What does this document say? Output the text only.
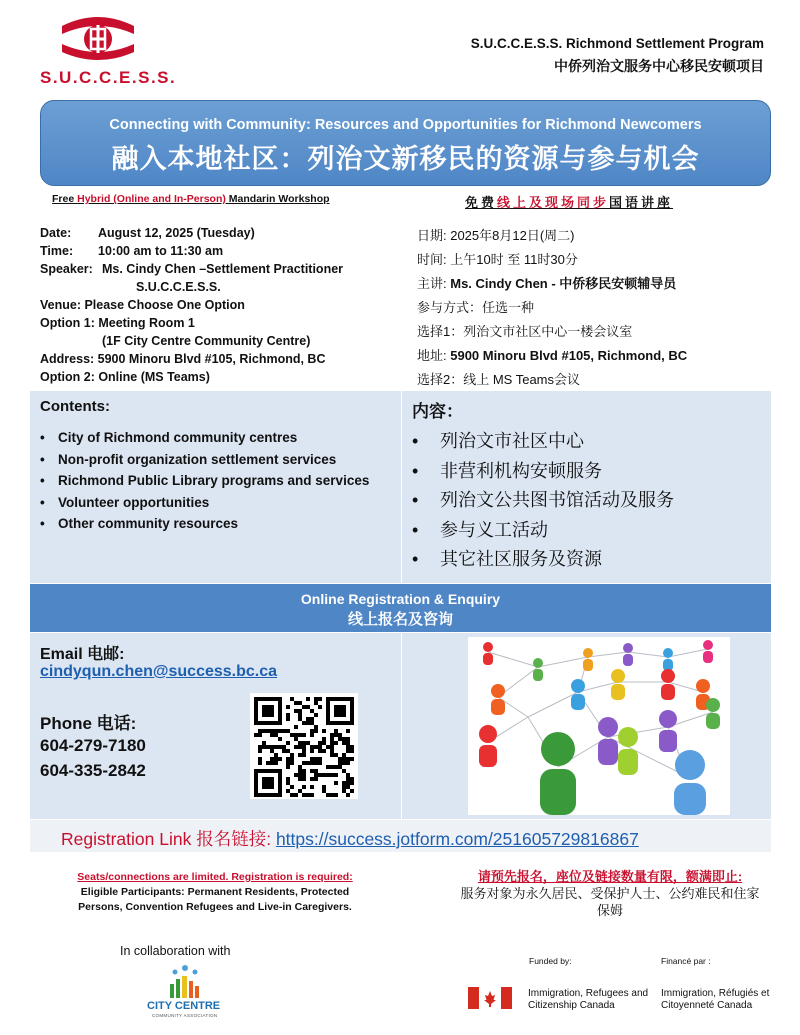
S.U.C.C.E.S.S.
S.U.C.C.E.S.S. Richmond Settlement Program
中侨列治文服务中心移民安顿项目
Connecting with Community: Resources and Opportunities for Richmond Newcomers
融入本地社区：列治文新移民的资源与参与机会
Free Hybrid (Online and In-Person) Mandarin Workshop	免费线上及现场同步国语讲座
Date: August 12, 2025 (Tuesday)
Time: 10:00 am to 11:30 am
Speaker: Ms. Cindy Chen –Settlement Practitioner
S.U.C.C.E.S.S.
Venue: Please Choose One Option
Option 1: Meeting Room 1
(1F City Centre Community Centre)
Address: 5900 Minoru Blvd #105, Richmond, BC
Option 2: Online (MS Teams)
日期: 2025年8月12日(周二)
时间: 上午10时 至 11时30分
主讲: Ms. Cindy Chen - 中侨移民安顿辅导员
参与方式：任选一种
选择1：列治文市社区中心一楼会议室
地址: 5900 Minoru Blvd #105, Richmond, BC
选择2：线上 MS Teams会议
Contents:	内容：
• City of Richmond community centres
• Non-profit organization settlement services
• Richmond Public Library programs and services
• Volunteer opportunities
• Other community resources
• 列治文市社区中心
• 非营利机构安顿服务
• 列治文公共图书馆活动及服务
• 参与义工活动
• 其它社区服务及资源
Online Registration & Enquiry
线上报名及咨询
Email 电邮:
cindyqun.chen@success.bc.ca
Phone 电话:
604-279-7180
604-335-2842
Registration Link 报名链接: https://success.jotform.com/251605729816867
Seats/connections are limited. Registration is required:
Eligible Participants: Permanent Residents, Protected Persons, Convention Refugees and Live-in Caregivers.
请预先报名，座位及链接数量有限，额满即止:
服务对象为永久居民、受保护人士、公约难民和住家保姆
In collaboration with
CITY CENTRE
COMMUNITY ASSOCIATION
Funded by:	Financé par :
Immigration, Refugees and Citizenship Canada
Immigration, Réfugiés et Citoyenneté Canada
